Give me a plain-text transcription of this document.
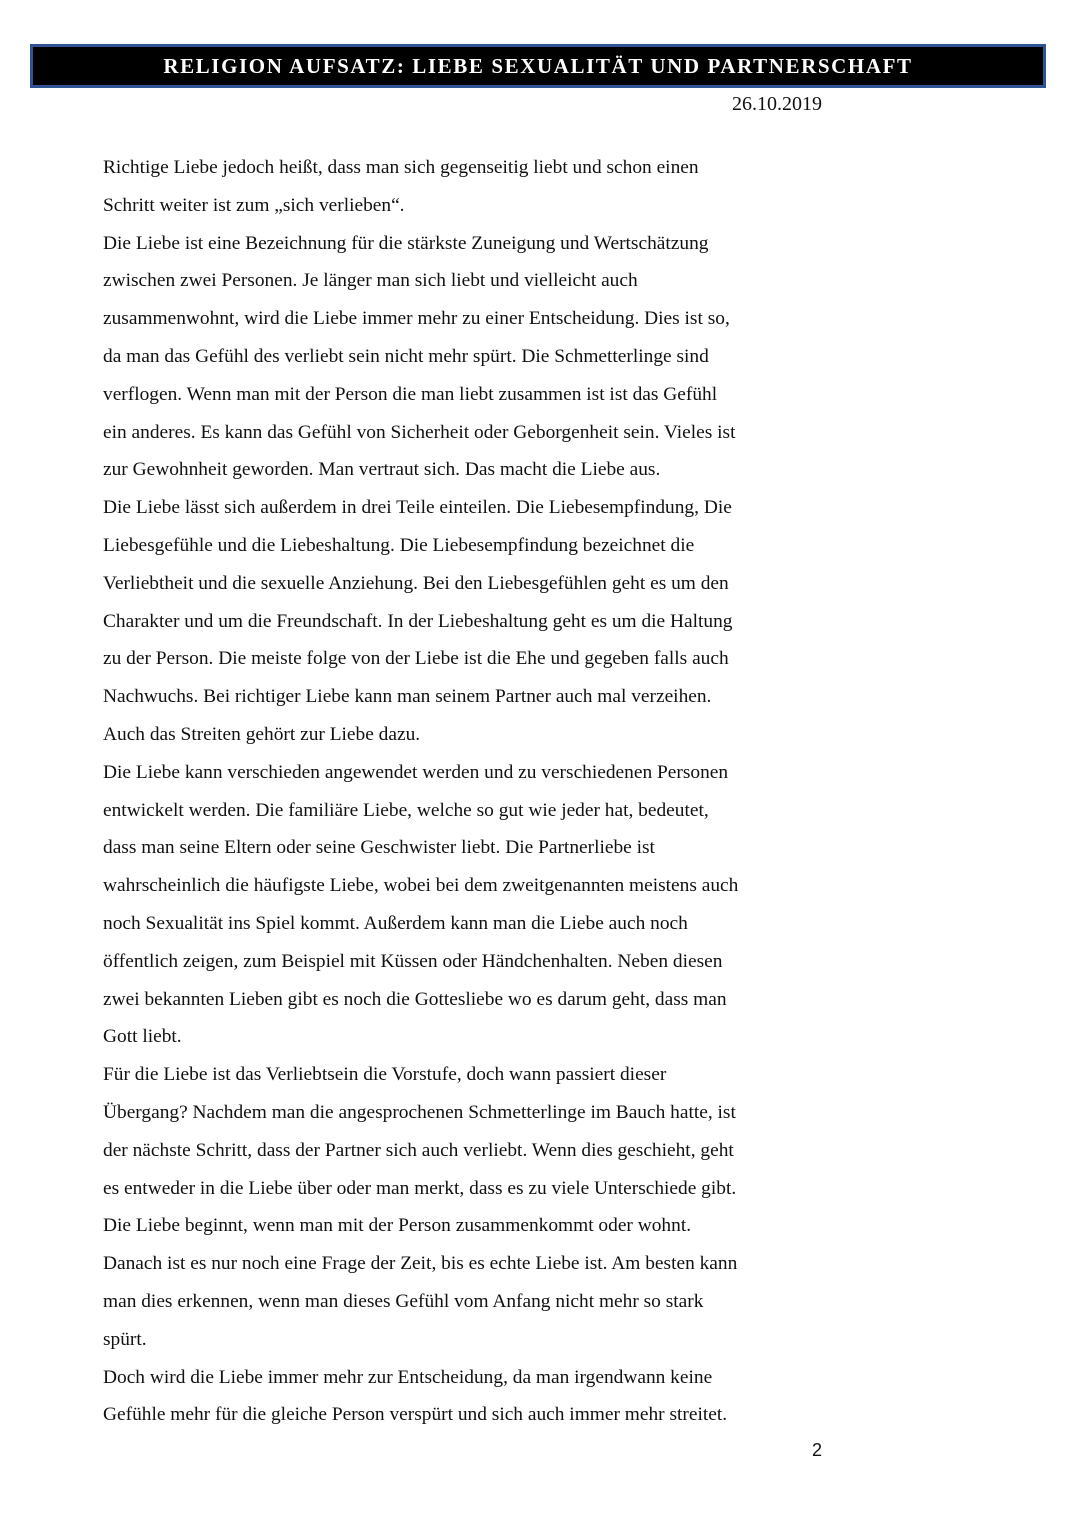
RELIGION AUFSATZ: LIEBE SEXUALITÄT UND PARTNERSCHAFT
26.10.2019
Richtige Liebe jedoch heißt, dass man sich gegenseitig liebt und schon einen
Schritt weiter ist zum „sich verlieben“.
Die Liebe ist eine Bezeichnung für die stärkste Zuneigung und Wertschätzung
zwischen zwei Personen. Je länger man sich liebt und vielleicht auch
zusammenwohnt, wird die Liebe immer mehr zu einer Entscheidung. Dies ist so,
da man das Gefühl des verliebt sein nicht mehr spürt. Die Schmetterlinge sind
verflogen. Wenn man mit der Person die man liebt zusammen ist ist das Gefühl
ein anderes. Es kann das Gefühl von Sicherheit oder Geborgenheit sein. Vieles ist
zur Gewohnheit geworden. Man vertraut sich. Das macht die Liebe aus.
Die Liebe lässt sich außerdem in drei Teile einteilen. Die Liebesempfindung, Die
Liebesgefühle und die Liebeshaltung. Die Liebesempfindung bezeichnet die
Verliebtheit und die sexuelle Anziehung. Bei den Liebesgefühlen geht es um den
Charakter und um die Freundschaft. In der Liebeshaltung geht es um die Haltung
zu der Person. Die meiste folge von der Liebe ist die Ehe und gegeben falls auch
Nachwuchs. Bei richtiger Liebe kann man seinem Partner auch mal verzeihen.
Auch das Streiten gehört zur Liebe dazu.
Die Liebe kann verschieden angewendet werden und zu verschiedenen Personen
entwickelt werden. Die familiäre Liebe, welche so gut wie jeder hat, bedeutet,
dass man seine Eltern oder seine Geschwister liebt. Die Partnerliebe ist
wahrscheinlich die häufigste Liebe, wobei bei dem zweitgenannten meistens auch
noch Sexualität ins Spiel kommt. Außerdem kann man die Liebe auch noch
öffentlich zeigen, zum Beispiel mit Küssen oder Händchenhalten. Neben diesen
zwei bekannten Lieben gibt es noch die Gottesliebe wo es darum geht, dass man
Gott liebt.
Für die Liebe ist das Verliebtsein die Vorstufe, doch wann passiert dieser
Übergang? Nachdem man die angesprochenen Schmetterlinge im Bauch hatte, ist
der nächste Schritt, dass der Partner sich auch verliebt. Wenn dies geschieht, geht
es entweder in die Liebe über oder man merkt, dass es zu viele Unterschiede gibt.
Die Liebe beginnt, wenn man mit der Person zusammenkommt oder wohnt.
Danach ist es nur noch eine Frage der Zeit, bis es echte Liebe ist. Am besten kann
man dies erkennen, wenn man dieses Gefühl vom Anfang nicht mehr so stark
spürt.
Doch wird die Liebe immer mehr zur Entscheidung, da man irgendwann keine
Gefühle mehr für die gleiche Person verspürt und sich auch immer mehr streitet.
2
